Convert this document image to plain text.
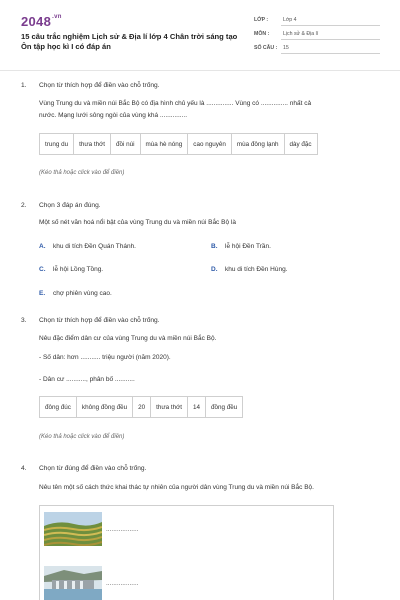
$2048^{.vn}$
15 câu trắc nghiệm Lịch sử & Địa lí lớp 4 Chân trời sáng tạo
Ôn tập học kì I có đáp án
LỚP :	Lớp 4
MÔN :	Lịch sử & Địa lí
SỐ CÂU : 15
1. Chọn từ thích hợp để điền vào chỗ trống.
Vùng Trung du và miền núi Bắc Bộ có địa hình chủ yếu là ............... Vùng có ............... nhất cả
nước. Mạng lưới sông ngòi của vùng khá ...............
trung du	thưa thớt	đồi núi	mùa hè nóng	cao nguyên	mùa đông lạnh	dày đặc
(Kéo thả hoặc click vào để điền)
2. Chọn 3 đáp án đúng.
Một số nét văn hoá nổi bật của vùng Trung du và miền núi Bắc Bộ là
A. khu di tích Đền Quán Thánh.	B. lễ hội Đền Trần.
C. lễ hội Lồng Tồng.	D. khu di tích Đền Hùng.
E. chợ phiên vùng cao.
3. Chọn từ thích hợp để điền vào chỗ trống.
Nêu đặc điểm dân cư của vùng Trung du và miền núi Bắc Bộ.
- Số dân: hơn ........... triệu người (năm 2020).
- Dân cư ..........., phân bố ...........
đông đúc	không đồng đều	20	thưa thớt	14	đồng đều
(Kéo thả hoặc click vào để điền)
4. Chọn từ đúng để điền vào chỗ trống.
Nêu tên một số cách thức khai thác tự nhiên của người dân vùng Trung du và miền núi Bắc Bộ.
..................
..................
